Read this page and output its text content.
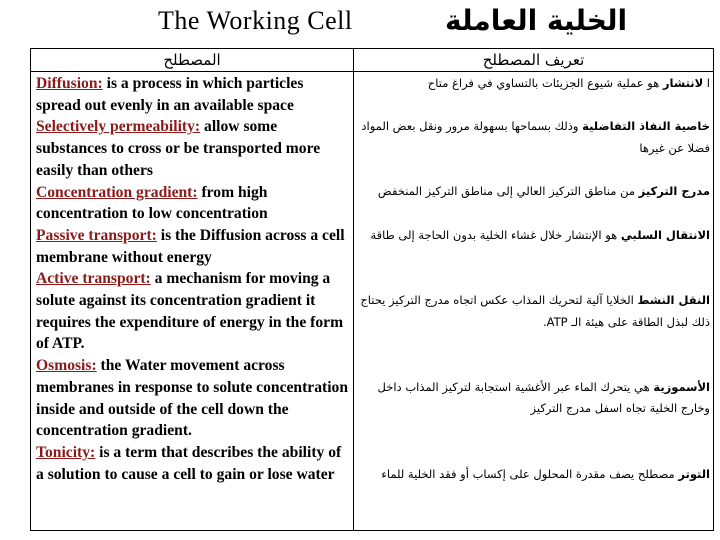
The Working Cell	الخلية العاملة
المصطلح	تعريف المصطلح

Diffusion: is a process in which particles spread out evenly in an available space

Selectively permeability: allow some substances to cross or be transported more easily than others

Concentration gradient: from high concentration to low concentration

Passive transport: is the Diffusion across a cell membrane without energy

Active transport: a mechanism for moving a solute against its concentration gradient it requires the expenditure of energy in the form of ATP.

Osmosis: the Water movement across membranes in response to solute concentration inside and outside of the cell down the concentration gradient.

Tonicity: is a term that describes the ability of a solution to cause a cell to gain or lose water

ا لانتشار هو عملية شيوع الجزيئات بالتساوي في فراغ متاح

خاصية النفاذ التفاضلية وذلك بسماحها بسهولة مرور ونقل بعض المواد فضلا عن غيرها

مدرج التركيز من مناطق التركيز العالي إلى مناطق التركيز المنخفض

الانتقال السلبي هو الإنتشار خلال غشاء الخلية بدون الحاجة إلى طاقة

النقل النشط الخلايا آلية لتحريك المذاب عكس اتجاه مدرج التركيز يحتاج ذلك لبذل الطاقة على هيئة الـ ATP.

الأسموزية هي يتحرك الماء عبر الأغشية استجابة لتركيز المذاب داخل وخارج الخلية تجاه اسفل مدرج التركيز

التوتر مصطلح يصف مقدرة المحلول على إكساب أو فقد الخلية للماء
